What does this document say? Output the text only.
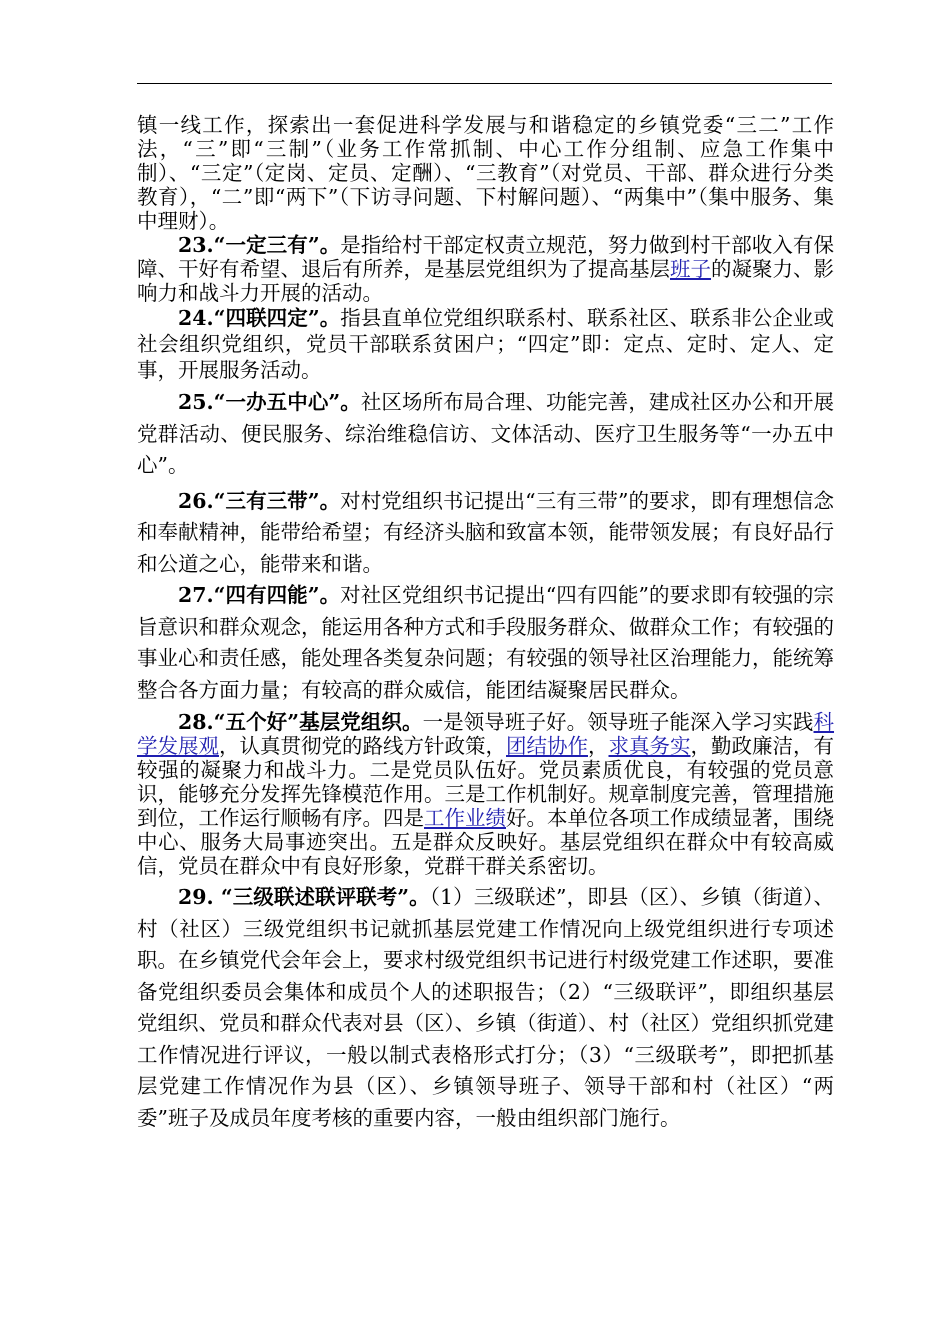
镇一线工作，探索出一套促进科学发展与和谐稳定的乡镇党委“三二”工作法，“三”即“三制”（业务工作常抓制、中心工作分组制、应急工作集中制）、“三定”（定岗、定员、定酬）、“三教育”（对党员、干部、群众进行分类教育），“二”即“两下”（下访寻问题、下村解问题）、“两集中”（集中服务、集中理财）。

23.“一定三有”。是指给村干部定权责立规范，努力做到村干部收入有保障、干好有希望、退后有所养，是基层党组织为了提高基层班子的凝聚力、影响力和战斗力开展的活动。

24.“四联四定”。指县直单位党组织联系村、联系社区、联系非公企业或社会组织党组织，党员干部联系贫困户；“四定”即：定点、定时、定人、定事，开展服务活动。

25.“一办五中心”。社区场所布局合理、功能完善，建成社区办公和开展党群活动、便民服务、综治维稳信访、文体活动、医疗卫生服务等“一办五中心”。

26.“三有三带”。对村党组织书记提出“三有三带”的要求，即有理想信念和奉献精神，能带给希望；有经济头脑和致富本领，能带领发展；有良好品行和公道之心，能带来和谐。

27.“四有四能”。对社区党组织书记提出“四有四能”的要求即有较强的宗旨意识和群众观念，能运用各种方式和手段服务群众、做群众工作；有较强的事业心和责任感，能处理各类复杂问题；有较强的领导社区治理能力，能统筹整合各方面力量；有较高的群众威信，能团结凝聚居民群众。

28.“五个好”基层党组织。一是领导班子好。领导班子能深入学习实践科学发展观，认真贯彻党的路线方针政策，团结协作，求真务实，勤政廉洁，有较强的凝聚力和战斗力。二是党员队伍好。党员素质优良，有较强的党员意识，能够充分发挥先锋模范作用。三是工作机制好。规章制度完善，管理措施到位，工作运行顺畅有序。四是工作业绩好。本单位各项工作成绩显著，围绕中心、服务大局事迹突出。五是群众反映好。基层党组织在群众中有较高威信，党员在群众中有良好形象，党群干群关系密切。

29. “三级联述联评联考”。（1）三级联述”，即县（区）、乡镇（街道）、村（社区）三级党组织书记就抓基层党建工作情况向上级党组织进行专项述职。在乡镇党代会年会上，要求村级党组织书记进行村级党建工作述职，要准备党组织委员会集体和成员个人的述职报告；（2）“三级联评”，即组织基层党组织、党员和群众代表对县（区）、乡镇（街道）、村（社区）党组织抓党建工作情况进行评议，一般以制式表格形式打分；（3）“三级联考”，即把抓基层党建工作情况作为县（区）、乡镇领导班子、领导干部和村（社区）“两委”班子及成员年度考核的重要内容，一般由组织部门施行。
